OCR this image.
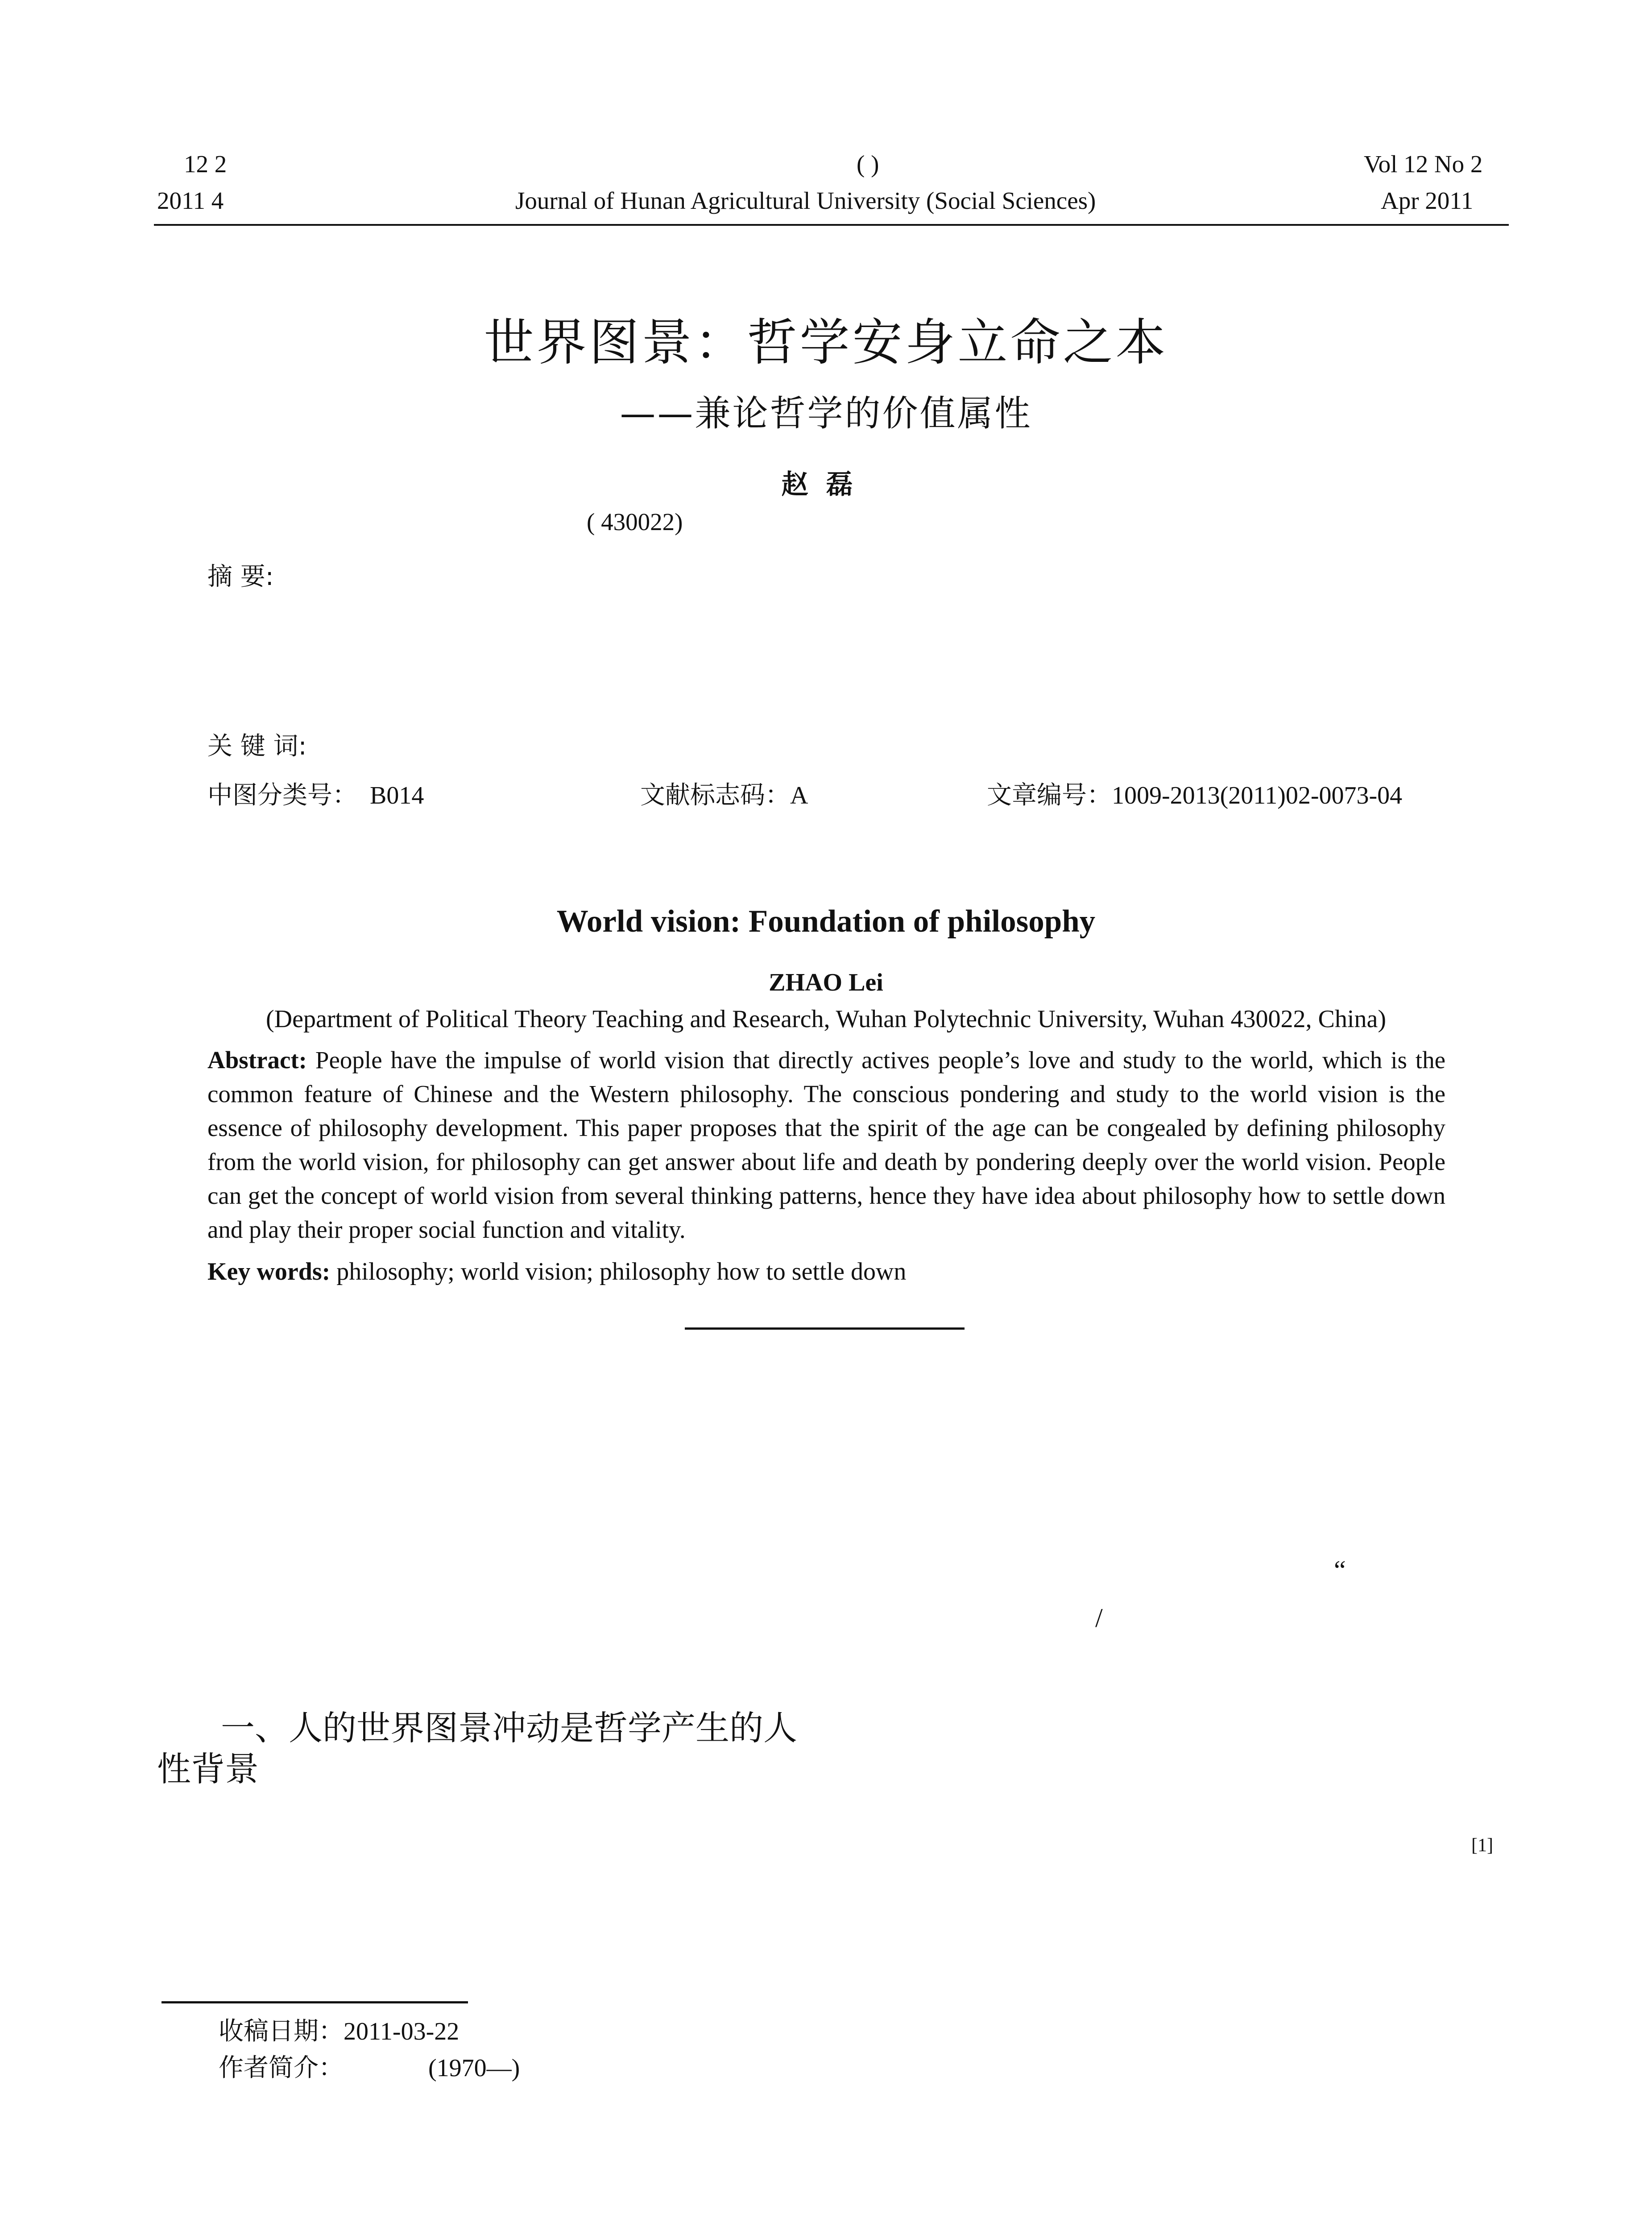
12 2
2011 4
( )
Journal of Hunan Agricultural University (Social Sciences)
Vol 12 No 2
Apr 2011
世界图景：哲学安身立命之本
——兼论哲学的价值属性
赵磊
( 430022)
摘 要:
关 键 词:
中图分类号： B014	文献标志码：A	文章编号：1009-2013(2011)02-0073-04
World vision: Foundation of philosophy
ZHAO Lei
(Department of Political Theory Teaching and Research, Wuhan Polytechnic University, Wuhan 430022, China)
Abstract: People have the impulse of world vision that directly actives people’s love and study to the world, which is the common feature of Chinese and the Western philosophy. The conscious pondering and study to the world vision is the essence of philosophy development. This paper proposes that the spirit of the age can be congealed by defining philosophy from the world vision, for philosophy can get answer about life and death by pondering deeply over the world vision. People can get the concept of world vision from several thinking patterns, hence they have idea about philosophy how to settle down and play their proper social function and vitality.
Key words: philosophy; world vision; philosophy how to settle down
“
/
一、人的世界图景冲动是哲学产生的人
性背景
[1]
收稿日期：2011-03-22
作者简介：	(1970—)
